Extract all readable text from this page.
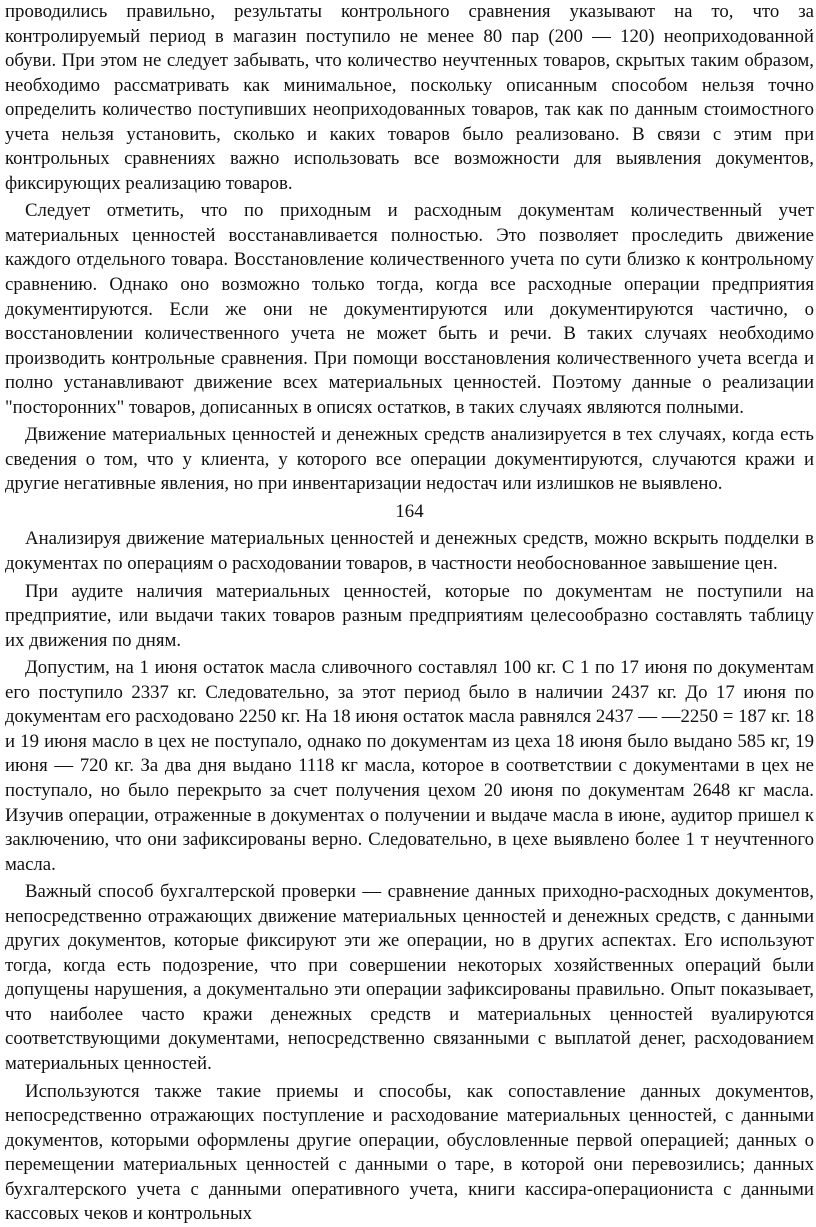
проводились правильно, результаты контрольного сравнения указывают на то, что за контролируемый период в магазин поступило не менее 80 пар (200 — 120) неоприходованной обуви. При этом не следует забывать, что количество неучтенных товаров, скрытых таким образом, необходимо рассматривать как минимальное, поскольку описанным способом нельзя точно определить количество поступивших неоприходованных товаров, так как по данным стоимостного учета нельзя установить, сколько и каких товаров было реализовано. В связи с этим при контрольных сравнениях важно использовать все возможности для выявления документов, фиксирующих реализацию товаров.

Следует отметить, что по приходным и расходным документам количественный учет материальных ценностей восстанавливается полностью. Это позволяет проследить движение каждого отдельного товара. Восстановление количественного учета по сути близко к контрольному сравнению. Однако оно возможно только тогда, когда все расходные операции предприятия документируются. Если же они не документируются или документируются частично, о восстановлении количественного учета не может быть и речи. В таких случаях необходимо производить контрольные сравнения. При помощи восстановления количественного учета всегда и полно устанавливают движение всех материальных ценностей. Поэтому данные о реализации "посторонних" товаров, дописанных в описях остатков, в таких случаях являются полными.

Движение материальных ценностей и денежных средств анализируется в тех случаях, когда есть сведения о том, что у клиента, у которого все операции документируются, случаются кражи и другие негативные явления, но при инвентаризации недостач или излишков не выявлено.

164

Анализируя движение материальных ценностей и денежных средств, можно вскрыть подделки в документах по операциям о расходовании товаров, в частности необоснованное завышение цен.

При аудите наличия материальных ценностей, которые по документам не поступили на предприятие, или выдачи таких товаров разным предприятиям целесообразно составлять таблицу их движения по дням.

Допустим, на 1 июня остаток масла сливочного составлял 100 кг. С 1 по 17 июня по документам его поступило 2337 кг. Следовательно, за этот период было в наличии 2437 кг. До 17 июня по документам его расходовано 2250 кг. На 18 июня остаток масла равнялся 2437 — —2250 = 187 кг. 18 и 19 июня масло в цех не поступало, однако по документам из цеха 18 июня было выдано 585 кг, 19 июня — 720 кг. За два дня выдано 1118 кг масла, которое в соответствии с документами в цех не поступало, но было перекрыто за счет получения цехом 20 июня по документам 2648 кг масла. Изучив операции, отраженные в документах о получении и выдаче масла в июне, аудитор пришел к заключению, что они зафиксированы верно. Следовательно, в цехе выявлено более 1 т неучтенного масла.

Важный способ бухгалтерской проверки — сравнение данных приходно-расходных документов, непосредственно отражающих движение материальных ценностей и денежных средств, с данными других документов, которые фиксируют эти же операции, но в других аспектах. Его используют тогда, когда есть подозрение, что при совершении некоторых хозяйственных операций были допущены нарушения, а документально эти операции зафиксированы правильно. Опыт показывает, что наиболее часто кражи денежных средств и материальных ценностей вуалируются соответствующими документами, непосредственно связанными с выплатой денег, расходованием материальных ценностей.

Используются также такие приемы и способы, как сопоставление данных документов, непосредственно отражающих поступление и расходование материальных ценностей, с данными документов, которыми оформлены другие операции, обусловленные первой операцией; данных о перемещении материальных ценностей с данными о таре, в которой они перевозились; данных бухгалтерского учета с данными оперативного учета, книги кассира-операциониста с данными кассовых чеков и контрольных
